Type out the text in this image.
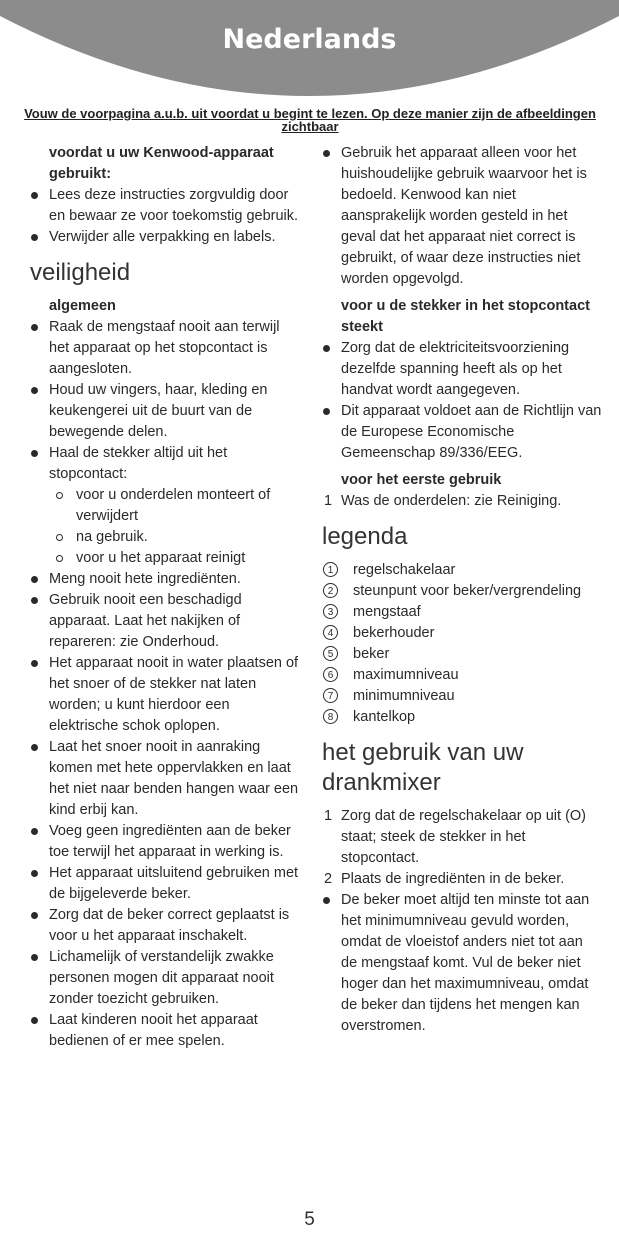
Nederlands
Vouw de voorpagina a.u.b. uit voordat u begint te lezen. Op deze manier zijn de afbeeldingen zichtbaar
voordat u uw Kenwood-apparaat gebruikt:
Lees deze instructies zorgvuldig door en bewaar ze voor toekomstig gebruik.
Verwijder alle verpakking en labels.
veiligheid
algemeen
Raak de mengstaaf nooit aan terwijl het apparaat op het stopcontact is aangesloten.
Houd uw vingers, haar, kleding en keukengerei uit de buurt van de bewegende delen.
Haal de stekker altijd uit het stopcontact:
voor u onderdelen monteert of verwijdert
na gebruik.
voor u het apparaat reinigt
Meng nooit hete ingrediënten.
Gebruik nooit een beschadigd apparaat. Laat het nakijken of repareren: zie Onderhoud.
Het apparaat nooit in water plaatsen of het snoer of de stekker nat laten worden; u kunt hierdoor een elektrische schok oplopen.
Laat het snoer nooit in aanraking komen met hete oppervlakken en laat het niet naar benden hangen waar een kind erbij kan.
Voeg geen ingrediënten aan de beker toe terwijl het apparaat in werking is.
Het apparaat uitsluitend gebruiken met de bijgeleverde beker.
Zorg dat de beker correct geplaatst is voor u het apparaat inschakelt.
Lichamelijk of verstandelijk zwakke personen mogen dit apparaat nooit zonder toezicht gebruiken.
Laat kinderen nooit het apparaat bedienen of er mee spelen.
Gebruik het apparaat alleen voor het huishoudelijke gebruik waarvoor het is bedoeld. Kenwood kan niet aansprakelijk worden gesteld in het geval dat het apparaat niet correct is gebruikt, of waar deze instructies niet worden opgevolgd.
voor u de stekker in het stopcontact steekt
Zorg dat de elektriciteitsvoorziening dezelfde spanning heeft als op het handvat wordt aangegeven.
Dit apparaat voldoet aan de Richtlijn van de Europese Economische Gemeenschap 89/336/EEG.
voor het eerste gebruik
1 Was de onderdelen: zie Reiniging.
legenda
1	regelschakelaar
2	steunpunt voor beker/vergrendeling
3	mengstaaf
4	bekerhouder
5	beker
6	maximumniveau
7	minimumniveau
8	kantelkop
het gebruik van uw drankmixer
1 Zorg dat de regelschakelaar op uit (O) staat; steek de stekker in het stopcontact.
2 Plaats de ingrediënten in de beker.
De beker moet altijd ten minste tot aan het minimumniveau gevuld worden, omdat de vloeistof anders niet tot aan de mengstaaf komt. Vul de beker niet hoger dan het maximumniveau, omdat de beker dan tijdens het mengen kan overstromen.
5
